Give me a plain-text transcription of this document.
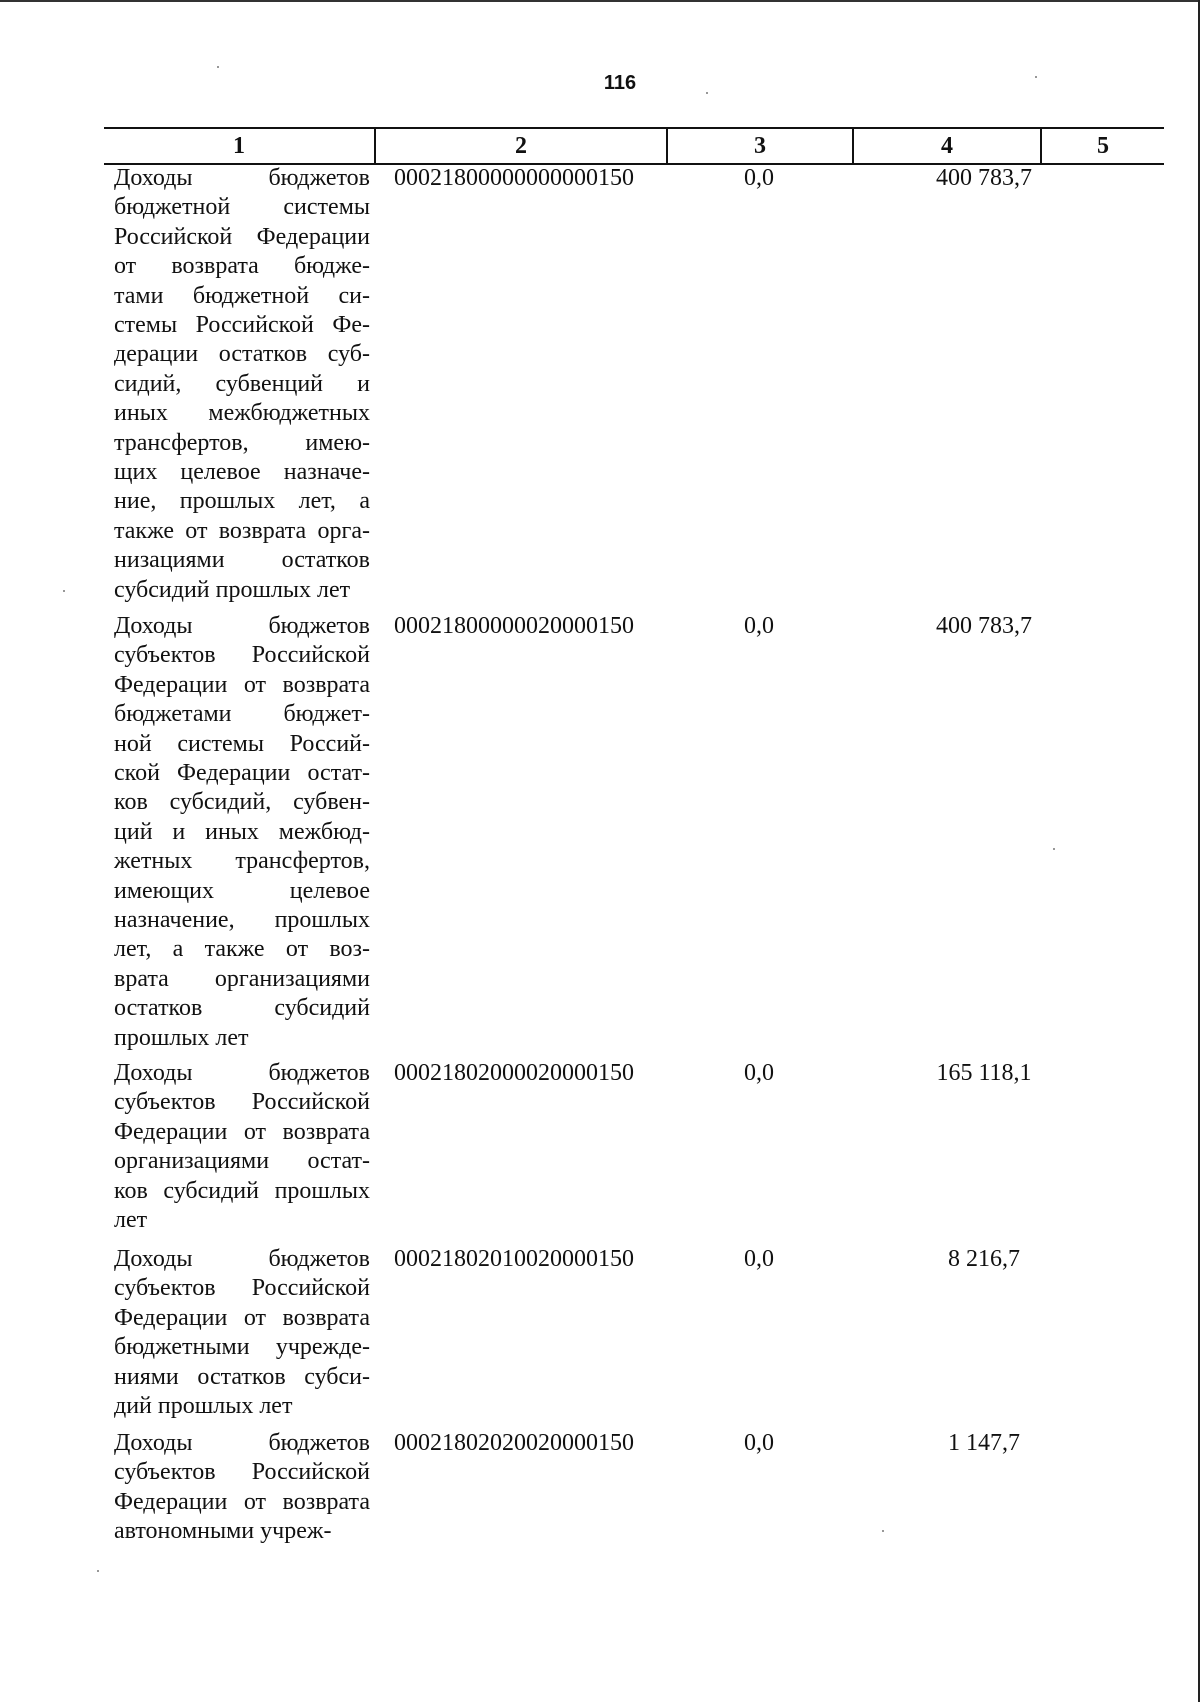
116
1	2	3	4	5
Доходы бюджетов
бюджетной системы
Российской Федерации
от возврата бюдже-
тами бюджетной си-
стемы Российской Фе-
дерации остатков суб-
сидий, субвенций и
иных межбюджетных
трансфертов, имею-
щих целевое назначе-
ние, прошлых лет, а
также от возврата орга-
низациями остатков
субсидий прошлых лет
00021800000000000150	0,0	400 783,7
Доходы бюджетов
субъектов Российской
Федерации от возврата
бюджетами бюджет-
ной системы Россий-
ской Федерации остат-
ков субсидий, субвен-
ций и иных межбюд-
жетных трансфертов,
имеющих целевое
назначение, прошлых
лет, а также от воз-
врата организациями
остатков субсидий
прошлых лет
00021800000020000150	0,0	400 783,7
Доходы бюджетов
субъектов Российской
Федерации от возврата
организациями остат-
ков субсидий прошлых
лет
00021802000020000150	0,0	165 118,1
Доходы бюджетов
субъектов Российской
Федерации от возврата
бюджетными учрежде-
ниями остатков субси-
дий прошлых лет
00021802010020000150	0,0	8 216,7
Доходы бюджетов
субъектов Российской
Федерации от возврата
автономными учреж-
00021802020020000150	0,0	1 147,7
